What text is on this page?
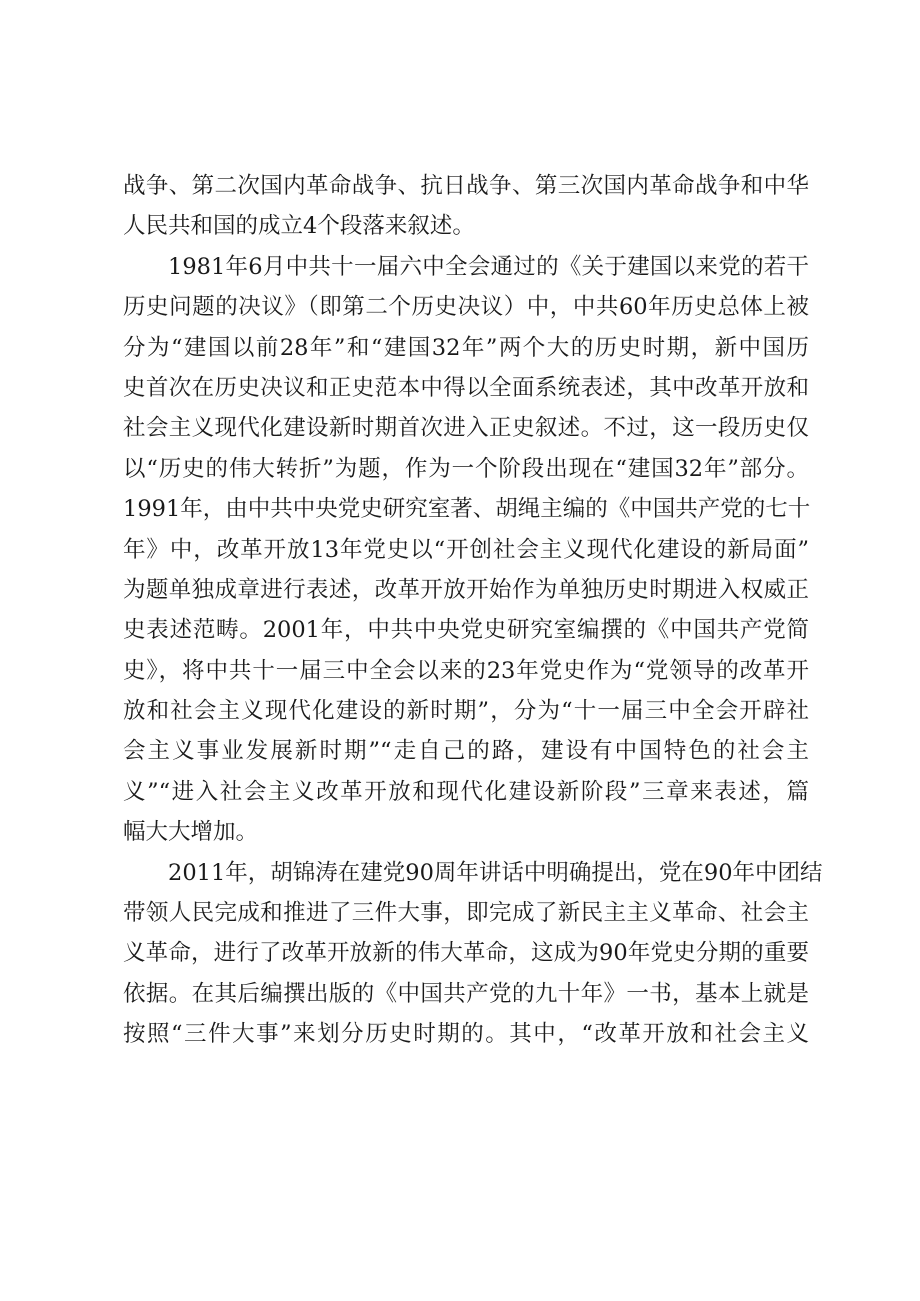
战争、第二次国内革命战争、抗日战争、第三次国内革命战争和中华
人民共和国的成立4个段落来叙述。
1981年6月中共十一届六中全会通过的《关于建国以来党的若干
历史问题的决议》（即第二个历史决议）中，中共60年历史总体上被
分为“建国以前28年”和“建国32年”两个大的历史时期，新中国历
史首次在历史决议和正史范本中得以全面系统表述，其中改革开放和
社会主义现代化建设新时期首次进入正史叙述。不过，这一段历史仅
以“历史的伟大转折”为题，作为一个阶段出现在“建国32年”部分。
1991年，由中共中央党史研究室著、胡绳主编的《中国共产党的七十
年》中，改革开放13年党史以“开创社会主义现代化建设的新局面”
为题单独成章进行表述，改革开放开始作为单独历史时期进入权威正
史表述范畴。2001年，中共中央党史研究室编撰的《中国共产党简
史》，将中共十一届三中全会以来的23年党史作为“党领导的改革开
放和社会主义现代化建设的新时期”，分为“十一届三中全会开辟社
会主义事业发展新时期”“走自己的路，建设有中国特色的社会主
义”“进入社会主义改革开放和现代化建设新阶段”三章来表述，篇
幅大大增加。
2011年，胡锦涛在建党90周年讲话中明确提出，党在90年中团结
带领人民完成和推进了三件大事，即完成了新民主主义革命、社会主
义革命，进行了改革开放新的伟大革命，这成为90年党史分期的重要
依据。在其后编撰出版的《中国共产党的九十年》一书，基本上就是
按照“三件大事”来划分历史时期的。其中，“改革开放和社会主义
